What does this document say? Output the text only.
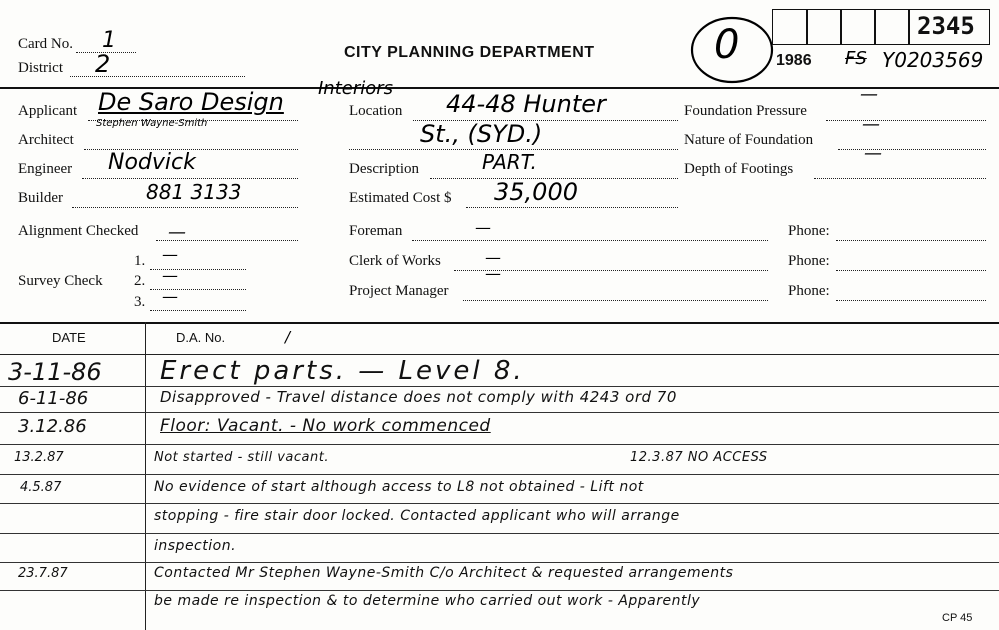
Card No. 1
District 2	CITY PLANNING DEPARTMENT	0	2345
1986 FS Y0203569
Applicant De Saro Design Interiors
Architect
Stephen Wayne-Smith
Engineer Nodvick
Builder	881 3133
Alignment Checked —
Survey Check
1. —
2. —
3. —
Location 44-48 Hunter
St., (SYD.)
Description	PART.
Estimated Cost $ 35,000
Foreman	—
Clerk of Works	—
Project Manager
—
Foundation Pressure
—
Nature of Foundation
—
Depth of Footings
—
Phone:
Phone:
Phone:
DATE	D.A. No.	/
3-11-86 Erect parts. — Level 8.
6-11-86	Disapproved - Travel distance does not comply with 4243 ord 70
3.12.86	Floor: Vacant. - No work commenced
13.2.87	Not started - still vacant.	12.3.87 NO ACCESS
4.5.87	No evidence of start although access to L8 not obtained - Lift not
stopping - fire stair door locked. Contacted applicant who will arrange
inspection.
23.7.87	Contacted Mr Stephen Wayne-Smith C/o Architect & requested arrangements
be made re inspection & to determine who carried out work - Apparently
CP 45
